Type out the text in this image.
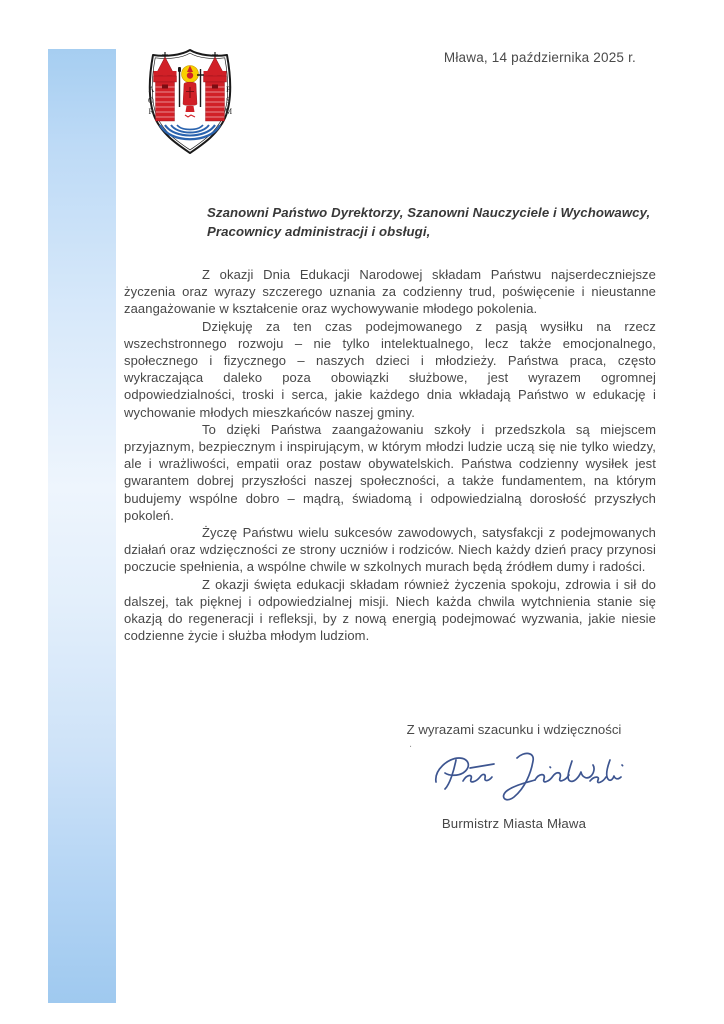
A
O
R
P
S
M
Mława, 14 października 2025 r.
Szanowni Państwo Dyrektorzy, Szanowni Nauczyciele i Wychowawcy,
Pracownicy administracji i obsługi,

Z okazji Dnia Edukacji Narodowej składam Państwu najserdeczniejsze życzenia oraz wyrazy szczerego uznania za codzienny trud, poświęcenie i nieustanne zaangażowanie w kształcenie oraz wychowywanie młodego pokolenia.

Dziękuję za ten czas podejmowanego z pasją wysiłku na rzecz wszechstronnego rozwoju – nie tylko intelektualnego, lecz także emocjonalnego, społecznego i fizycznego – naszych dzieci i młodzieży. Państwa praca, często wykraczająca daleko poza obowiązki służbowe, jest wyrazem ogromnej odpowiedzialności, troski i serca, jakie każdego dnia wkładają Państwo w edukację i wychowanie młodych mieszkańców naszej gminy.

To dzięki Państwa zaangażowaniu szkoły i przedszkola są miejscem przyjaznym, bezpiecznym i inspirującym, w którym młodzi ludzie uczą się nie tylko wiedzy, ale i wrażliwości, empatii oraz postaw obywatelskich. Państwa codzienny wysiłek jest gwarantem dobrej przyszłości naszej społeczności, a także fundamentem, na którym budujemy wspólne dobro – mądrą, świadomą i odpowiedzialną dorosłość przyszłych pokoleń.

Życzę Państwu wielu sukcesów zawodowych, satysfakcji z podejmowanych działań oraz wdzięczności ze strony uczniów i rodziców. Niech każdy dzień pracy przynosi poczucie spełnienia, a wspólne chwile w szkolnych murach będą źródłem dumy i radości.

Z okazji święta edukacji składam również życzenia spokoju, zdrowia i sił do dalszej, tak pięknej i odpowiedzialnej misji. Niech każda chwila wytchnienia stanie się okazją do regeneracji i refleksji, by z nową energią podejmować wyzwania, jakie niesie codzienne życie i służba młodym ludziom.

Z wyrazami szacunku i wdzięczności
.
Burmistrz Miasta Mława
